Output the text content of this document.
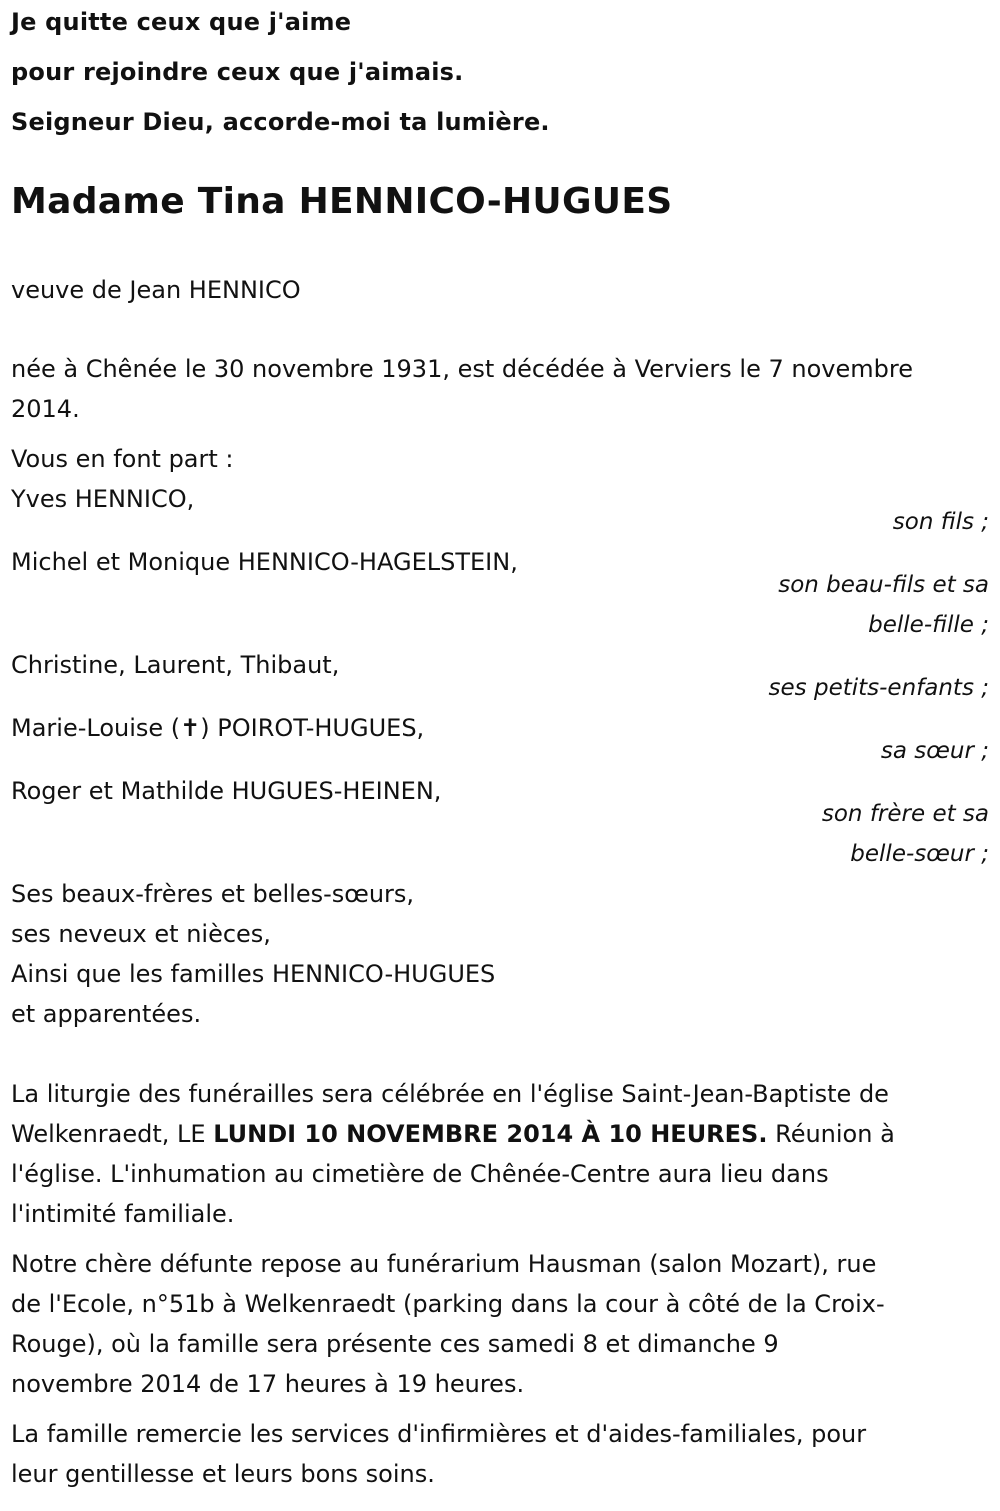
Je quitte ceux que j'aime

pour rejoindre ceux que j'aimais.

Seigneur Dieu, accorde-moi ta lumière.

Madame Tina HENNICO-HUGUES

veuve de Jean HENNICO

née à Chênée le 30 novembre 1931, est décédée à Verviers le 7 novembre

2014.

Vous en font part :

Yves HENNICO,

son fils ;

Michel et Monique HENNICO-HAGELSTEIN,

son beau-fils et sa

belle-fille ;

Christine, Laurent, Thibaut,

ses petits-enfants ;

Marie-Louise (✝) POIROT-HUGUES,

sa sœur ;

Roger et Mathilde HUGUES-HEINEN,

son frère et sa

belle-sœur ;

Ses beaux-frères et belles-sœurs,

ses neveux et nièces,

Ainsi que les familles HENNICO-HUGUES

et apparentées.

La liturgie des funérailles sera célébrée en l'église Saint-Jean-Baptiste de

Welkenraedt, LE LUNDI 10 NOVEMBRE 2014 À 10 HEURES. Réunion à

l'église. L'inhumation au cimetière de Chênée-Centre aura lieu dans

l'intimité familiale.

Notre chère défunte repose au funérarium Hausman (salon Mozart), rue

de l'Ecole, n°51b à Welkenraedt (parking dans la cour à côté de la Croix-

Rouge), où la famille sera présente ces samedi 8 et dimanche 9

novembre 2014 de 17 heures à 19 heures.

La famille remercie les services d'infirmières et d'aides-familiales, pour

leur gentillesse et leurs bons soins.
